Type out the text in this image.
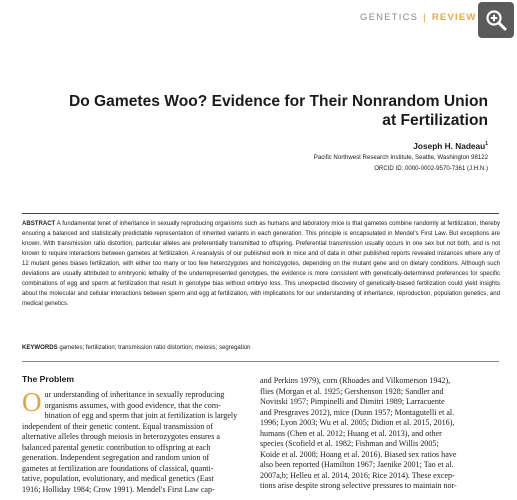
GENETICS | REVIEW
Do Gametes Woo? Evidence for Their Nonrandom Union at Fertilization
Joseph H. Nadeau$^1$
Pacific Northwest Research Institute, Seattle, Washington 98122
ORCID ID: 0000-0002-9570-7361 (J.H.N.)
ABSTRACT A fundamental tenet of inheritance in sexually reproducing organisms such as humans and laboratory mice is that gametes combine randomly at fertilization, thereby ensuring a balanced and statistically predictable representation of inherited variants in each generation. This principle is encapsulated in Mendel's First Law. But exceptions are known. With transmission ratio distortion, particular alleles are preferentially transmitted to offspring. Preferential transmission usually occurs in one sex but not both, and is not known to require interactions between gametes at fertilization. A reanalysis of our published work in mice and of data in other published reports revealed instances where any of 12 mutant genes biases fertilization, with either too many or too few heterozygotes and homozygotes, depending on the mutant gene and on dietary conditions. Although such deviations are usually attributed to embryonic lethality of the underrepresented genotypes, the evidence is more consistent with genetically-determined preferences for specific combinations of egg and sperm at fertilization that result in genotype bias without embryo loss. This unexpected discovery of genetically-biased fertilization could yield insights about the molecular and cellular interactions between sperm and egg at fertilization, with implications for our understanding of inheritance, reproduction, population genetics, and medical genetics.
KEYWORDS gametes; fertilization; transmission ratio distortion; meiosis; segregation
The Problem
O ur understanding of inheritance in sexually reproducing
organisms assumes, with good evidence, that the com-
bination of egg and sperm that join at fertilization is largely
independent of their genetic content. Equal transmission of
alternative alleles through meiosis in heterozygotes ensures a
balanced parental genetic contribution to offspring at each
generation. Independent segregation and random union of
gametes at fertilization are foundations of classical, quanti-
tative, population, evolutionary, and medical genetics (East
1916; Holliday 1984; Crow 1991). Mendel's First Law cap-
and Perkins 1979), corn (Rhoades and Vilkomerson 1942),
flies (Morgan et al. 1925; Gershenson 1928; Sandler and
Novitski 1957; Pimpinelli and Dimitri 1989; Larracuente
and Presgraves 2012), mice (Dunn 1957; Montagutelli et al.
1996; Lyon 2003; Wu et al. 2005; Didion et al. 2015, 2016),
humans (Chen et al. 2012; Huang et al. 2013), and other
species (Scofield et al. 1982; Fishman and Willis 2005;
Koide et al. 2008; Hoang et al. 2016). Biased sex ratios have
also been reported (Hamilton 1967; Jaenike 2001; Tao et al.
2007a,b; Helleu et al. 2014, 2016; Rice 2014). These excep-
tions arise despite strong selective pressures to maintain nor-
